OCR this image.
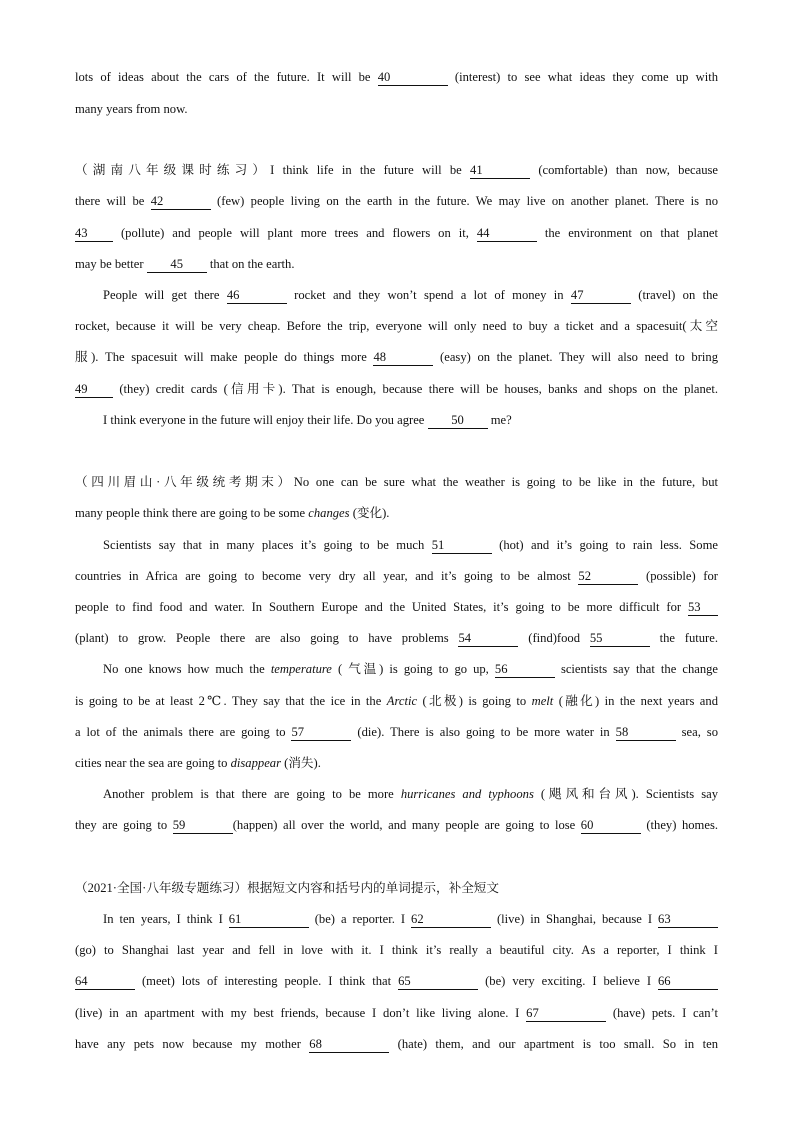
lots of ideas about the cars of the future. It will be 40	(interest) to see what ideas they come up with
many years from now.
（湖南八年级课时练习）I think life in the future will be 41	(comfortable) than now, because
there will be 42	(few) people living on the earth in the future. We may live on another planet. There is no
43 (pollute) and people will plant more trees and flowers on it, 44	the environment on that planet
may be better 45 that on the earth.
People will get there 46	rocket and they won’t spend a lot of money in 47	(travel) on the
rocket, because it will be very cheap. Before the trip, everyone will only need to buy a ticket and a spacesuit(太空
服). The spacesuit will make people do things more 48	(easy) on the planet. They will also need to bring
49 (they) credit cards (信用卡). That is enough, because there will be houses, banks and shops on the planet.
I think everyone in the future will enjoy their life. Do you agree 50 me?
（四川眉山·八年级统考期末）No one can be sure what the weather is going to be like in the future, but
many people think there are going to be some changes (变化).
Scientists say that in many places it’s going to be much 51	(hot) and it’s going to rain less. Some
countries in Africa are going to become very dry all year, and it’s going to be almost 52	(possible) for
people to find food and water. In Southern Europe and the United States, it’s going to be more difficult for 53
(plant) to grow. People there are also going to have problems 54	(find)food 55	the future.
No one knows how much the temperature ( 气温) is going to go up, 56	scientists say that the change
is going to be at least 2℃. They say that the ice in the Arctic (北极) is going to melt (融化) in the next years and
a lot of the animals there are going to 57	(die). There is also going to be more water in 58	sea, so
cities near the sea are going to disappear (消失).
Another problem is that there are going to be more hurricanes and typhoons (飓风和台风). Scientists say
they are going to 59	(happen) all over the world, and many people are going to lose 60	(they) homes.
（2021·全国·八年级专题练习）根据短文内容和括号内的单词提示，补全短文
In ten years, I think I 61	(be) a reporter. I 62	(live) in Shanghai, because I 63
(go) to Shanghai last year and fell in love with it. I think it’s really a beautiful city. As a reporter, I think I
64	(meet) lots of interesting people. I think that 65	(be) very exciting. I believe I 66
(live) in an apartment with my best friends, because I don’t like living alone. I 67	(have) pets. I can’t
have any pets now because my mother 68	(hate) them, and our apartment is too small. So in ten
